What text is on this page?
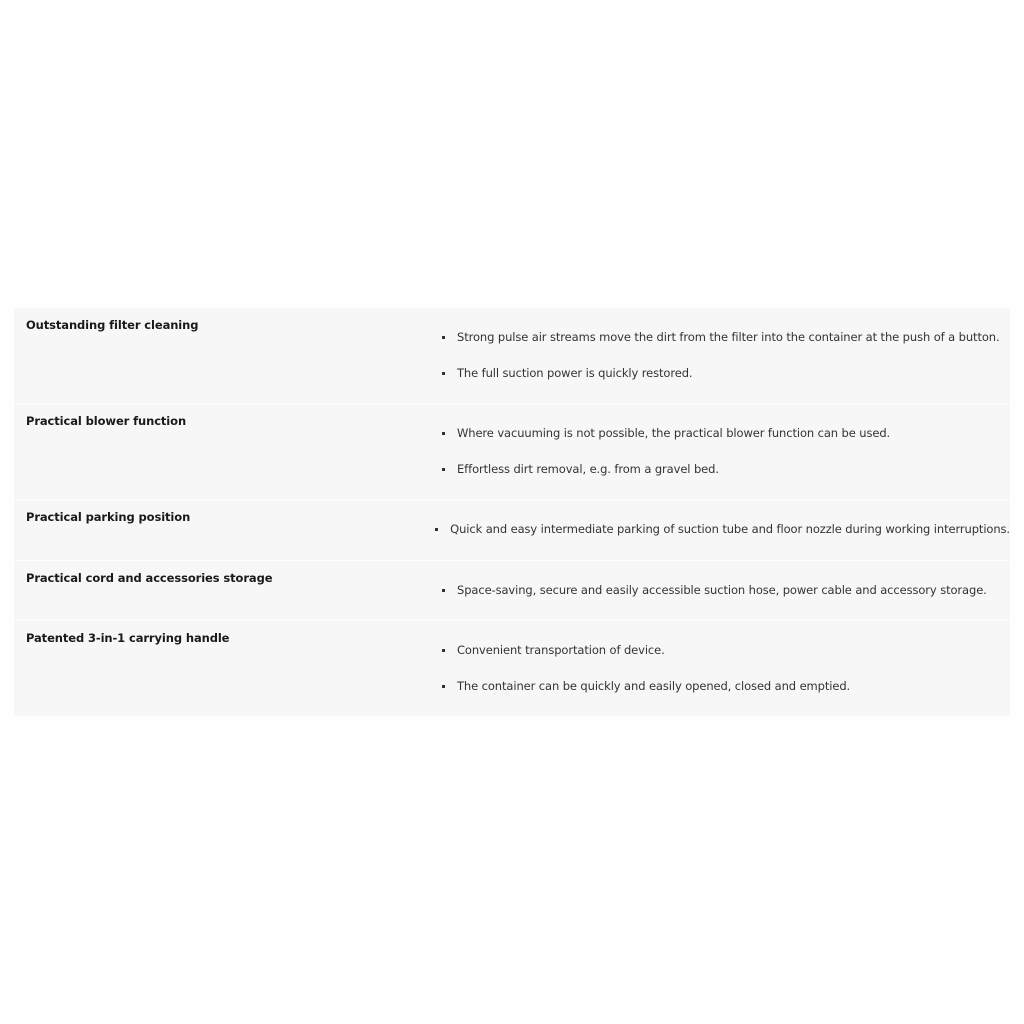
Outstanding filter cleaning
Strong pulse air streams move the dirt from the filter into the container at the push of a button.
The full suction power is quickly restored.
Practical blower function
Where vacuuming is not possible, the practical blower function can be used.
Effortless dirt removal, e.g. from a gravel bed.
Practical parking position
Quick and easy intermediate parking of suction tube and floor nozzle during working interruptions.
Practical cord and accessories storage
Space-saving, secure and easily accessible suction hose, power cable and accessory storage.
Patented 3-in-1 carrying handle
Convenient transportation of device.
The container can be quickly and easily opened, closed and emptied.
